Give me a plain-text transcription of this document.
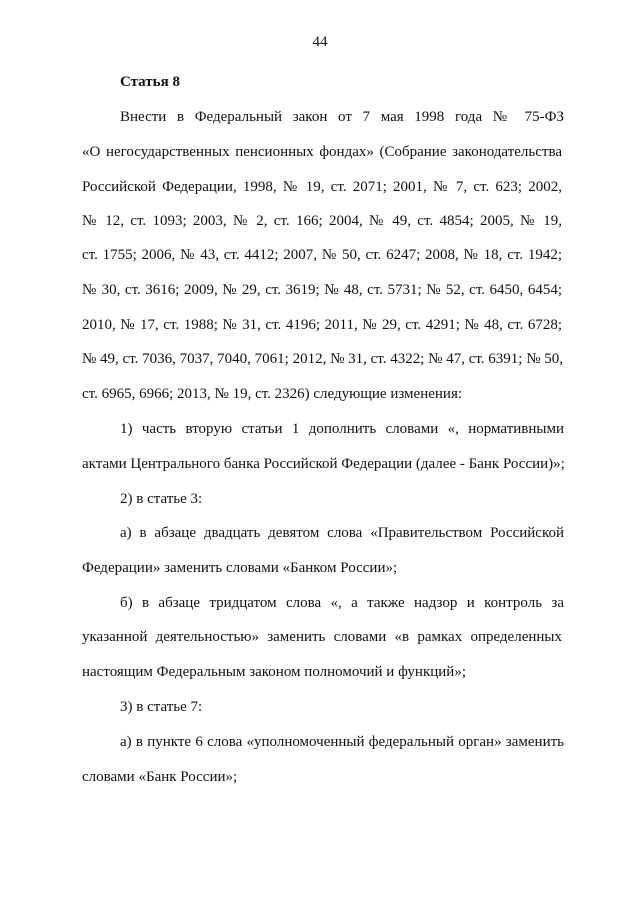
44
Статья 8
Внести в Федеральный закон от 7 мая 1998 года № 75-ФЗ
«О негосударственных пенсионных фондах» (Собрание законодательства
Российской Федерации, 1998, № 19, ст. 2071; 2001, № 7, ст. 623; 2002,
№ 12, ст. 1093; 2003, № 2, ст. 166; 2004, № 49, ст. 4854; 2005, № 19,
ст. 1755; 2006, № 43, ст. 4412; 2007, № 50, ст. 6247; 2008, № 18, ст. 1942;
№ 30, ст. 3616; 2009, № 29, ст. 3619; № 48, ст. 5731; № 52, ст. 6450, 6454;
2010, № 17, ст. 1988; № 31, ст. 4196; 2011, № 29, ст. 4291; № 48, ст. 6728;
№ 49, ст. 7036, 7037, 7040, 7061; 2012, № 31, ст. 4322; № 47, ст. 6391; № 50,
ст. 6965, 6966; 2013, № 19, ст. 2326) следующие изменения:
1) часть вторую статьи 1 дополнить словами «, нормативными
актами Центрального банка Российской Федерации (далее - Банк России)»;
2) в статье 3:
а) в абзаце двадцать девятом слова «Правительством Российской
Федерации» заменить словами «Банком России»;
б) в абзаце тридцатом слова «, а также надзор и контроль за
указанной деятельностью» заменить словами «в рамках определенных
настоящим Федеральным законом полномочий и функций»;
3) в статье 7:
а) в пункте 6 слова «уполномоченный федеральный орган» заменить
словами «Банк России»;
